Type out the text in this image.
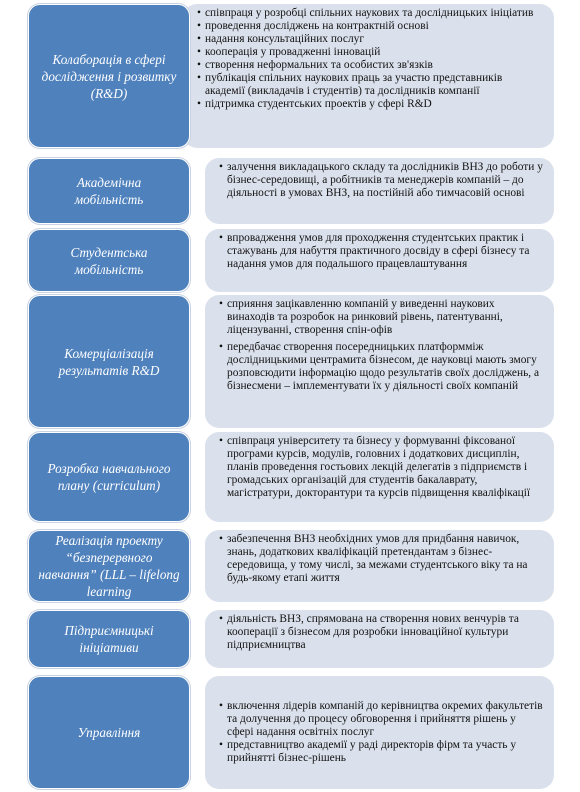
• співпраця у розробці спільних наукових та дослідницьких ініціатив
• проведення досліджень на контрактній основі
• надання консультаційних послуг
• кооперація у провадженні інновацій
• створення неформальних та особистих зв'язків
• публікація спільних наукових праць за участю представників академії (викладачів і студентів) та дослідників компанії
• підтримка студентських проектів у сфері R&D
Колаборація в сфері дослідження і розвитку (R&D)
• залучення викладацького складу та дослідників ВНЗ до роботи у бізнес-середовищі, а робітників та менеджерів компаній – до діяльності в умовах ВНЗ, на постійній або тимчасовій основі
Академічна мобільність
• впровадження умов для проходження студентських практик і стажувань для набуття практичного досвіду в сфері бізнесу та надання умов для подальшого працевлаштування
Студентська мобільність
• сприяння зацікавленню компаній у виведенні наукових винаходів та розробок на ринковий рівень, патентуванні, ліцензуванні, створення спін-офів
• передбачає створення посередницьких платформміж дослідницькими центрамита бізнесом, де науковці мають змогу розповсюдити інформацію щодо результатів своїх досліджень, а бізнесмени – імплементувати їх у діяльності своїх компаній
Комерціалізація результатів R&D
• співпраця університету та бізнесу у формуванні фіксованої програми курсів, модулів, головних і додаткових дисциплін, планів проведення гостьових лекцій делегатів з підприємств і громадських організацій для студентів бакалаврату, магістратури, докторантури та курсів підвищення кваліфікації
Розробка навчального плану (curriculum)
• забезпечення ВНЗ необхідних умов для придбання навичок, знань, додаткових кваліфікацій претендантам з бізнес-середовища, у тому числі, за межами студентського віку та на будь-якому етапі життя
Реалізація проекту “безперервного навчання” (LLL – lifelong learning
• діяльність ВНЗ, спрямована на створення нових венчурів та кооперації з бізнесом для розробки інноваційної культури підприємництва
Підприємницькі ініціативи
• включення лідерів компаній до керівництва окремих факультетів та долучення до процесу обговорення і прийняття рішень у сфері надання освітніх послуг
• представництво академії у раді директорів фірм та участь у прийнятті бізнес-рішень
Управління
